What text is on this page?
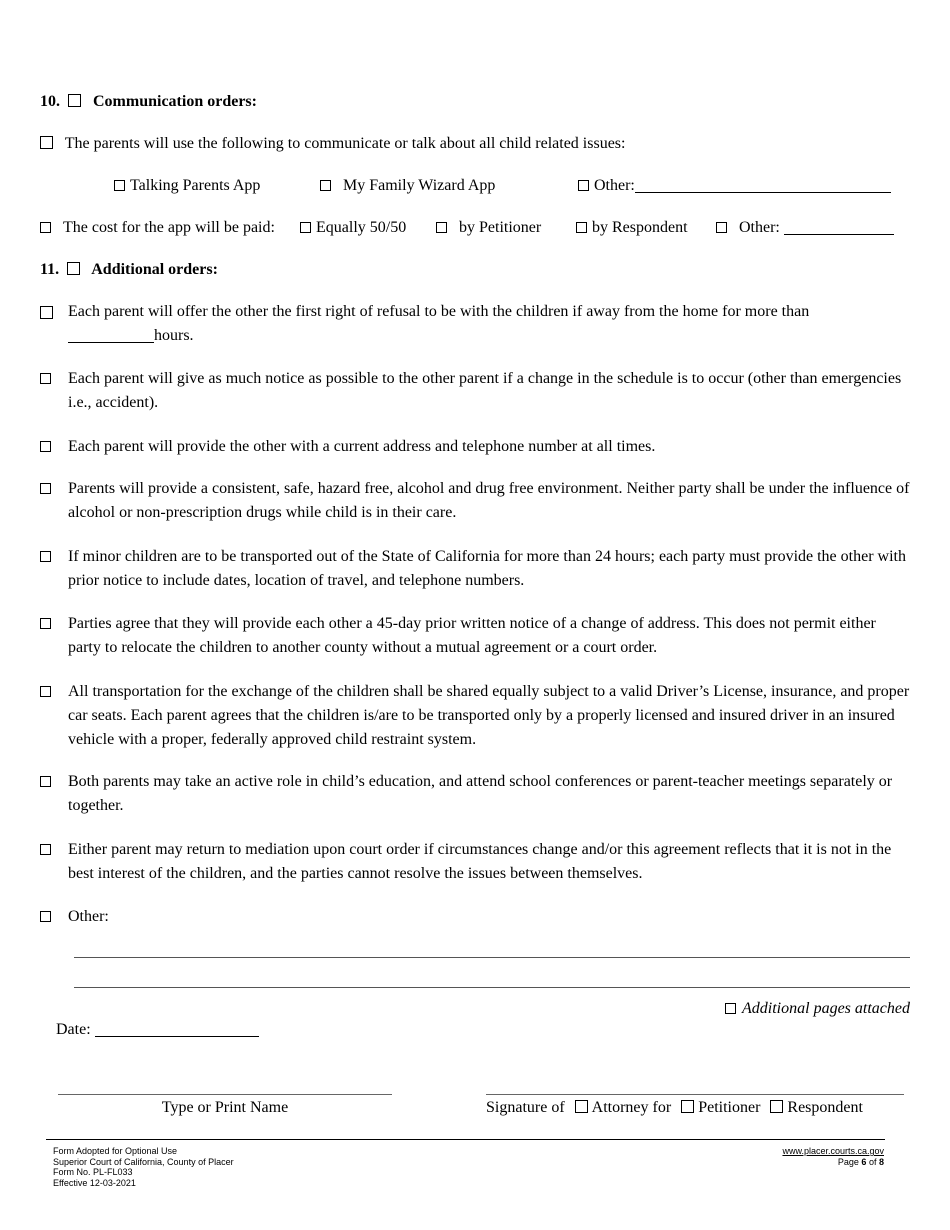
10. Communication orders:
The parents will use the following to communicate or talk about all child related issues:
Talking Parents App	My Family Wizard App	Other:
The cost for the app will be paid:	Equally 50/50	by Petitioner	by Respondent	Other:
11. Additional orders:
Each parent will offer the other the first right of refusal to be with the children if away from the home for more than
hours.
Each parent will give as much notice as possible to the other parent if a change in the schedule is to occur (other than emergencies i.e., accident).
Each parent will provide the other with a current address and telephone number at all times.
Parents will provide a consistent, safe, hazard free, alcohol and drug free environment. Neither party shall be under the influence of alcohol or non-prescription drugs while child is in their care.
If minor children are to be transported out of the State of California for more than 24 hours; each party must provide the other with prior notice to include dates, location of travel, and telephone numbers.
Parties agree that they will provide each other a 45-day prior written notice of a change of address. This does not permit either party to relocate the children to another county without a mutual agreement or a court order.
All transportation for the exchange of the children shall be shared equally subject to a valid Driver’s License, insurance, and proper car seats. Each parent agrees that the children is/are to be transported only by a properly licensed and insured driver in an insured vehicle with a proper, federally approved child restraint system.
Both parents may take an active role in child’s education, and attend school conferences or parent-teacher meetings separately or together.
Either parent may return to mediation upon court order if circumstances change and/or this agreement reflects that it is not in the best interest of the children, and the parties cannot resolve the issues between themselves.
Other:
Additional pages attached
Date:
Type or Print Name	Signature of Attorney for Petitioner Respondent
Form Adopted for Optional Use
Superior Court of California, County of Placer
Form No. PL-FL033
Effective 12-03-2021
www.placer.courts.ca.gov
Page 6 of 8
